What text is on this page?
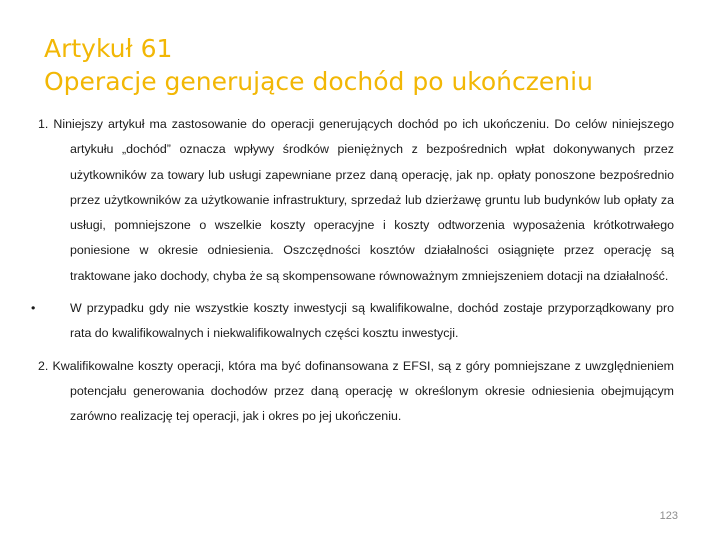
Artykuł 61
Operacje generujące dochód po ukończeniu

1. Niniejszy artykuł ma zastosowanie do operacji generujących dochód po ich ukończeniu. Do celów niniejszego artykułu „dochód” oznacza wpływy środków pieniężnych z bezpośrednich wpłat dokonywanych przez użytkowników za towary lub usługi zapewniane przez daną operację, jak np. opłaty ponoszone bezpośrednio przez użytkowników za użytkowanie infrastruktury, sprzedaż lub dzierżawę gruntu lub budynków lub opłaty za usługi, pomniejszone o wszelkie koszty operacyjne i koszty odtworzenia wyposażenia krótkotrwałego poniesione w okresie odniesienia. Oszczędności kosztów działalności osiągnięte przez operację są traktowane jako dochody, chyba że są skompensowane równoważnym zmniejszeniem dotacji na działalność.

•	W przypadku gdy nie wszystkie koszty inwestycji są kwalifikowalne, dochód zostaje przyporządkowany pro rata do kwalifikowalnych i niekwalifikowalnych części kosztu inwestycji.

2. Kwalifikowalne koszty operacji, która ma być dofinansowana z EFSI, są z góry pomniejszane z uwzględnieniem potencjału generowania dochodów przez daną operację w określonym okresie odniesienia obejmującym zarówno realizację tej operacji, jak i okres po jej ukończeniu.

123
